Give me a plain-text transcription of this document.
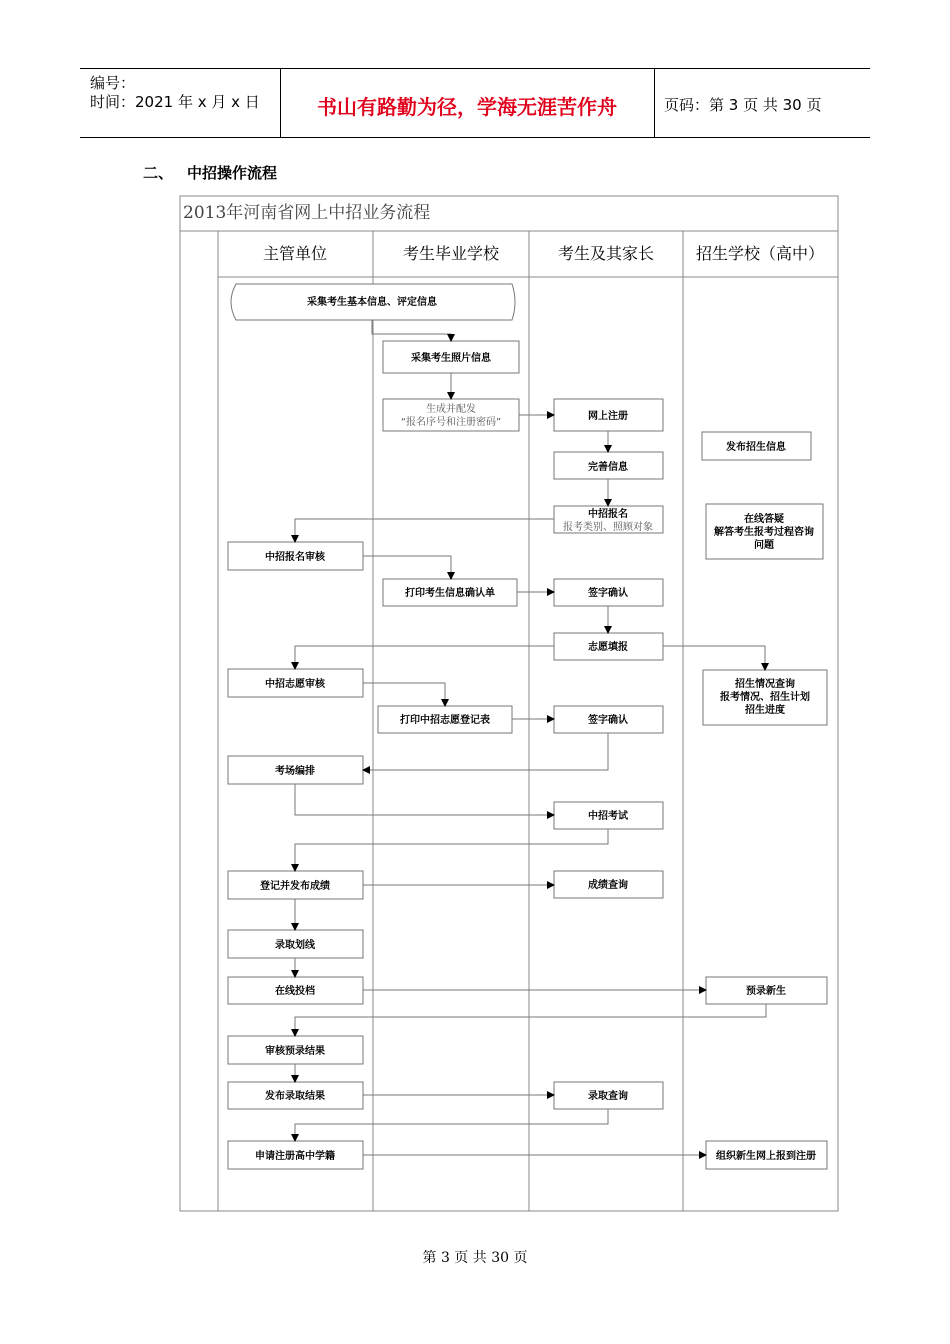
编号：
时间：2021 年 x 月 x 日	书山有路勤为径，学海无涯苦作舟	页码：第 3 页 共 30 页
二、 中招操作流程
2013年河南省网上中招业务流程
主管单位	考生毕业学校	考生及其家长	招生学校（高中）
采集考生基本信息、评定信息
采集考生照片信息
生成并配发
“报名序号和注册密码”
网上注册
发布招生信息
完善信息
中招报名
报考类别、照顾对象
在线答疑
解答考生报考过程咨询
问题
中招报名审核
打印考生信息确认单	签字确认
志愿填报
中招志愿审核	招生情况查询
报考情况、招生计划
招生进度
打印中招志愿登记表	签字确认
考场编排
中招考试
登记并发布成绩	成绩查询
录取划线
在线投档	预录新生
审核预录结果
发布录取结果	录取查询
申请注册高中学籍	组织新生网上报到注册
第 3 页 共 30 页
